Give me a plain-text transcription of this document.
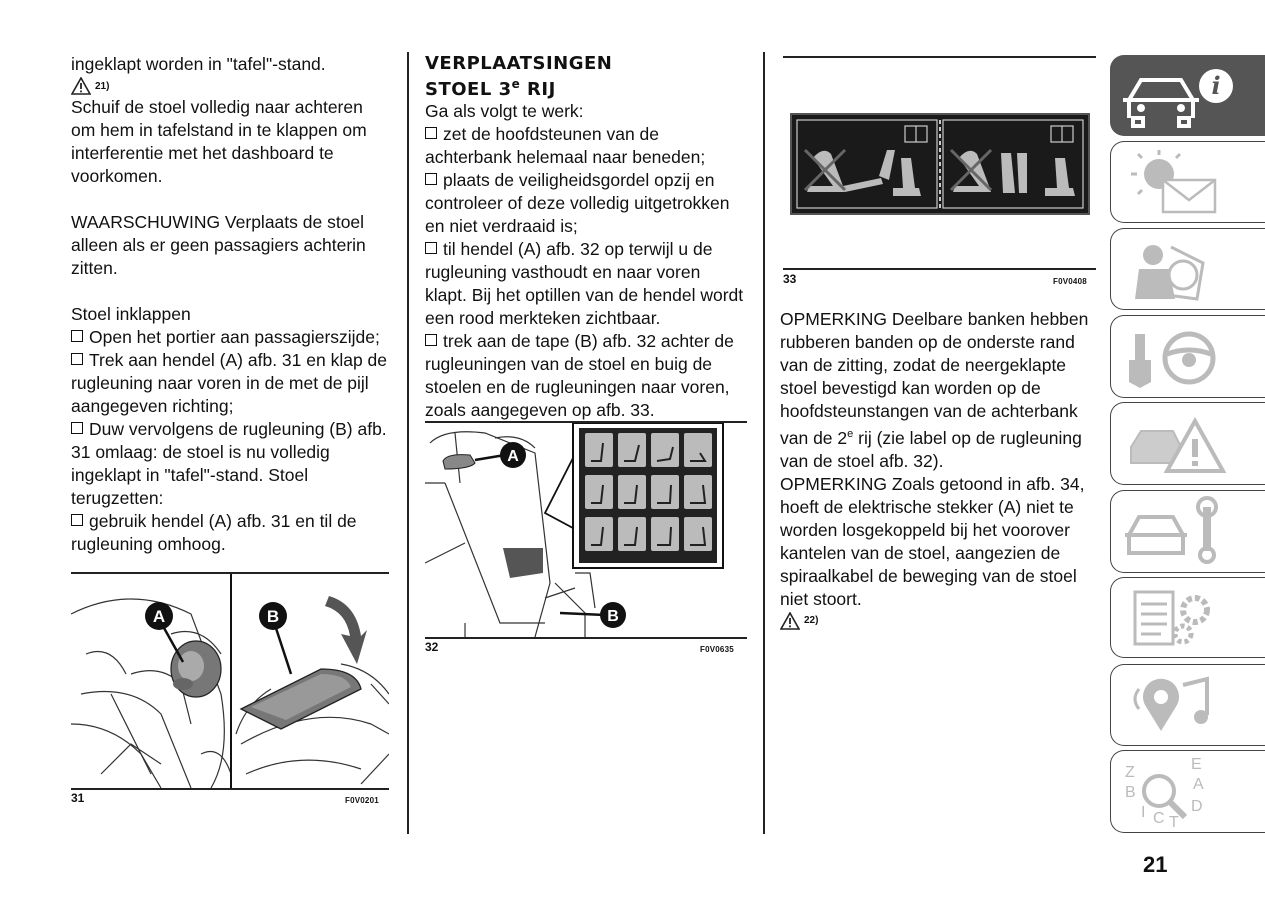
ingeklapt worden in "tafel"-stand.

21)

Schuif de stoel volledig naar achteren om hem in tafelstand in te klappen om interferentie met het dashboard te voorkomen.

WAARSCHUWING Verplaats de stoel alleen als er geen passagiers achterin zitten.

Stoel inklappen

Open het portier aan passagierszijde;

Trek aan hendel (A) afb. 31 en klap de rugleuning naar voren in de met de pijl aangegeven richting;

Duw vervolgens de rugleuning (B) afb. 31 omlaag: de stoel is nu volledig ingeklapt in "tafel"-stand. Stoel terugzetten:

gebruik hendel (A) afb. 31 en til de rugleuning omhoog.

A	B
31	F0V0201
VERPLAATSINGEN
STOEL 3e RIJ

Ga als volgt te werk:

zet de hoofdsteunen van de achterbank helemaal naar beneden;

plaats de veiligheidsgordel opzij en controleer of deze volledig uitgetrokken en niet verdraaid is;

til hendel (A) afb. 32 op terwijl u de rugleuning vasthoudt en naar voren klapt. Bij het optillen van de hendel wordt een rood merkteken zichtbaar.

trek aan de tape (B) afb. 32 achter de rugleuningen van de stoel en buig de stoelen en de rugleuningen naar voren, zoals aangegeven op afb. 33.

A
B
32	F0V0635
33	F0V0408

OPMERKING Deelbare banken hebben rubberen banden op de onderste rand van de zitting, zodat de neergeklapte stoel bevestigd kan worden op de hoofdsteunstangen van de achterbank van de 2e rij (zie label op de rugleuning van de stoel afb. 32).

OPMERKING Zoals getoond in afb. 34, hoeft de elektrische stekker (A) niet te worden losgekoppeld bij het voorover kantelen van de stoel, aangezien de spiraalkabel de beweging van de stoel niet stoort.

22)
i
Z	E
A
B
D
I C T
21
